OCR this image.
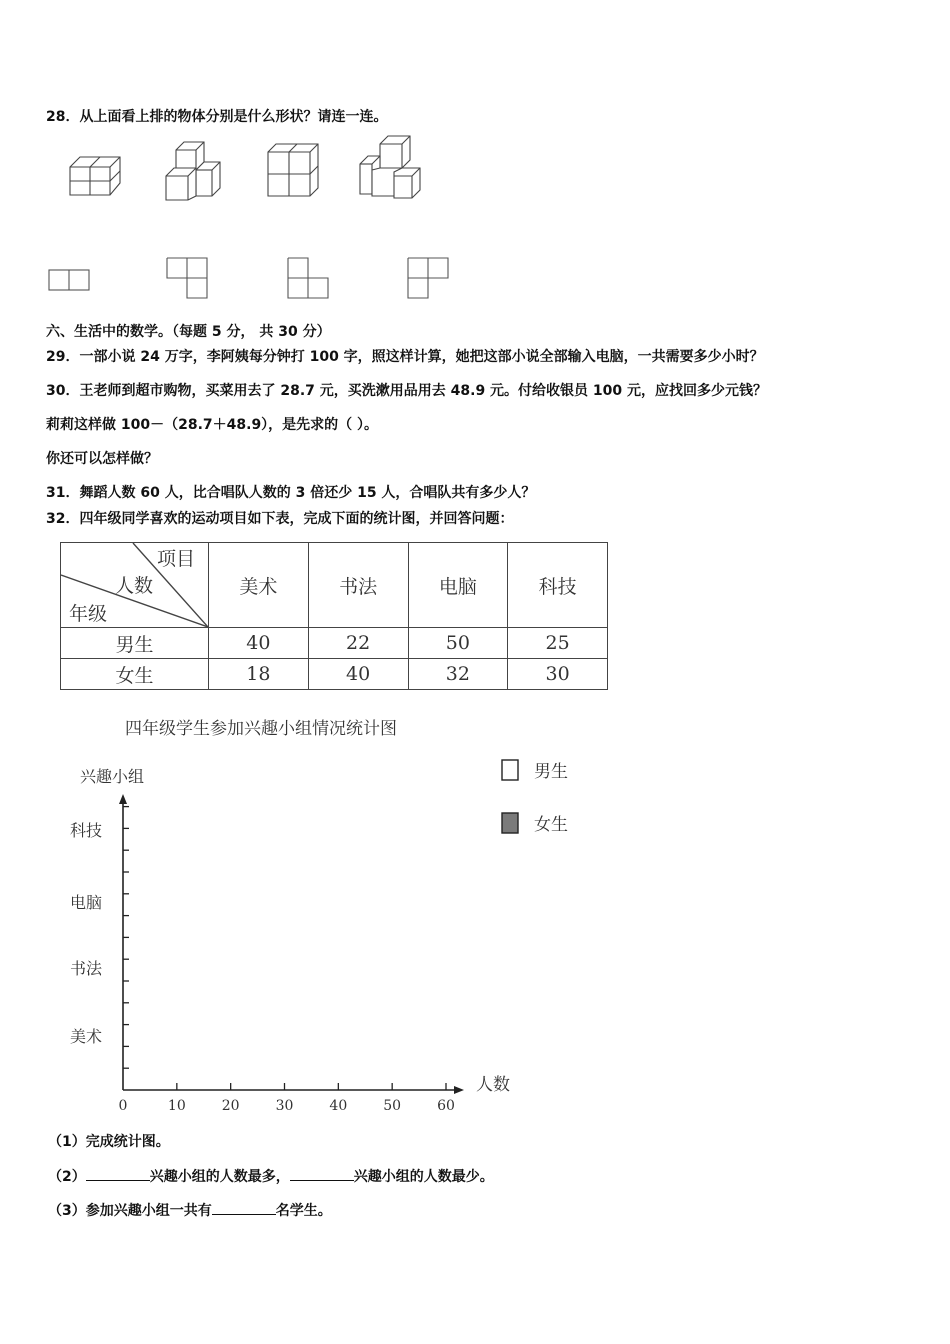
28．从上面看上排的物体分别是什么形状？请连一连。
六、生活中的数学。（每题 5 分， 共 30 分）
29．一部小说 24 万字，李阿姨每分钟打 100 字，照这样计算，她把这部小说全部输入电脑，一共需要多少小时？
30．王老师到超市购物，买菜用去了 28.7 元，买洗漱用品用去 48.9 元。付给收银员 100 元，应找回多少元钱？
莉莉这样做 100－（28.7＋48.9），是先求的（ ）。
你还可以怎样做？
31．舞蹈人数 60 人，比合唱队人数的 3 倍还少 15 人，合唱队共有多少人？
32．四年级同学喜欢的运动项目如下表，完成下面的统计图，并回答问题：
项目
人数
年级	美术	书法	电脑	科技
男生	40	22	50	25
女生	18	40	32	30
四年级学生参加兴趣小组情况统计图
兴趣小组
人数
科技
电脑
书法
美术
0	10	20	30	40	50	60
男生
女生
（1）完成统计图。
（2）	兴趣小组的人数最多，	兴趣小组的人数最少。
（3）参加兴趣小组一共有	名学生。
